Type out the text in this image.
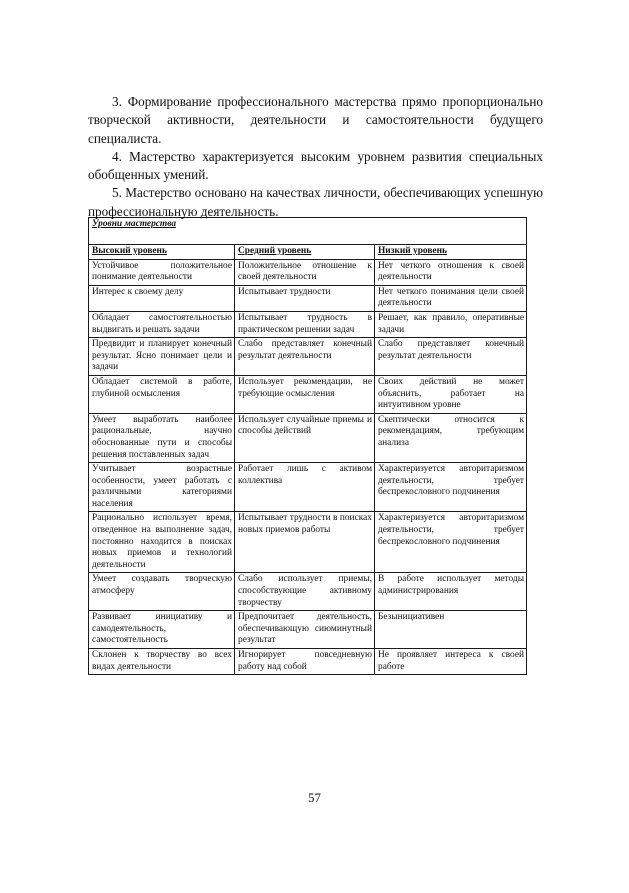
3. Формирование профессионального мастерства прямо пропорционально творческой активности, деятельности и самостоятельности будущего специалиста.

4. Мастерство характеризуется высоким уровнем развития специальных обобщенных умений.

5. Мастерство основано на качествах личности, обеспечивающих успешную профессиональную деятельность.

Уровни мастерства		
Высокий уровень	Средний уровень	Низкий уровень
Устойчивое положительное понимание деятельности	Положительное отношение к своей деятельности	Нет четкого отношения к своей деятельности
Интерес к своему делу	Испытывает трудности	Нет четкого понимания цели своей деятельности
Обладает самостоятельностью выдвигать и решать задачи	Испытывает трудность в практическом решении задач	Решает, как правило, оперативные задачи
Предвидит и планирует конечный результат. Ясно понимает цели и задачи	Слабо представляет конечный результат деятельности	Слабо представляет конечный результат деятельности
Обладает системой в работе, глубиной осмысления	Использует рекомендации, не требующие осмысления	Своих действий не может объяснить, работает на интуитивном уровне
Умеет выработать наиболее рациональные, научно обоснованные пути и способы решения поставленных задач	Использует случайные приемы и способы действий	Скептически относится к рекомендациям, требующим анализа
Учитывает возрастные особенности, умеет работать с различными категориями населения	Работает лишь с активом коллектива	Характеризуется авторитаризмом деятельности, требует беспрекословного подчинения
Рационально использует время, отведенное на выполнение задач, постоянно находится в поисках новых приемов и технологий деятельности	Испытывает трудности в поисках новых приемов работы	Характеризуется авторитаризмом деятельности, требует беспрекословного подчинения
Умеет создавать творческую атмосферу	Слабо использует приемы, способствующие активному творчеству	В работе использует методы администрирования
Развивает инициативу и самодеятельность, самостоятельность	Предпочитает деятельность, обеспечивающую сиюминутный результат	Безынициативен
Склонен к творчеству во всех видах деятельности	Игнорирует повседневную работу над собой	Не проявляет интереса к своей работе
57
